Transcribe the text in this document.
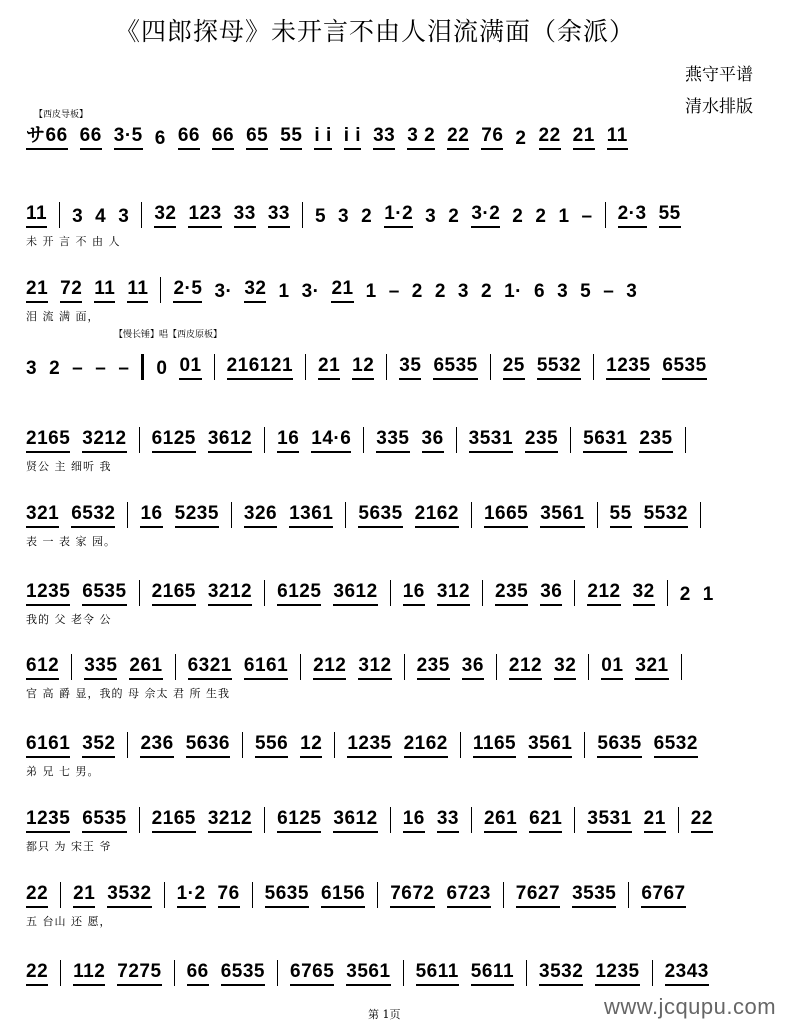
《四郎探母》未开言不由人泪流满面（余派）
燕守平谱
清水排版
【西皮导板】
【慢长锤】唱【西皮原板】
サ66 66 3·5 6 66 66 65 55 i i i i 33 3 2 22 76 2 22 21 11
11 3 4 3 32 123 33 33 5 3 2 1·2 3 2 3·2 2 2 1 – 2·3 55
未 开 言 不 由 人
21 72 11 11 2·5 3· 32 1 3· 21 1 – 2 2 3 2 1· 6 3 5 – 3
泪 流 满 面，
3 2 – – – 0 01 216121 21 12 35 6535 25 5532 1235 6535
2165 3212 6125 3612 16 14·6 335 36 3531 235 5631 235
贤公 主 细听 我
321 6532 16 5235 326 1361 5635 2162 1665 3561 55 5532
表 一 表 家 园。
1235 6535 2165 3212 6125 3612 16 312 235 36 212 32 2 1
我的 父 老令 公
612 335 261 6321 6161 212 312 235 36 212 32 01 321
官 高 爵 显，我的 母 佘太 君 所 生我
6161 352 236 5636 556 12 1235 2162 1165 3561 5635 6532
弟 兄 七 男。
1235 6535 2165 3212 6125 3612 16 33 261 621 3531 21 22
都只 为 宋王 爷
22 21 3532 1·2 76 5635 6156 7672 6723 7627 3535 6767
五 台山 还 愿，
22 112 7275 66 6535 6765 3561 5611 5611 3532 1235 2343
第 1页	www.jcqupu.com
